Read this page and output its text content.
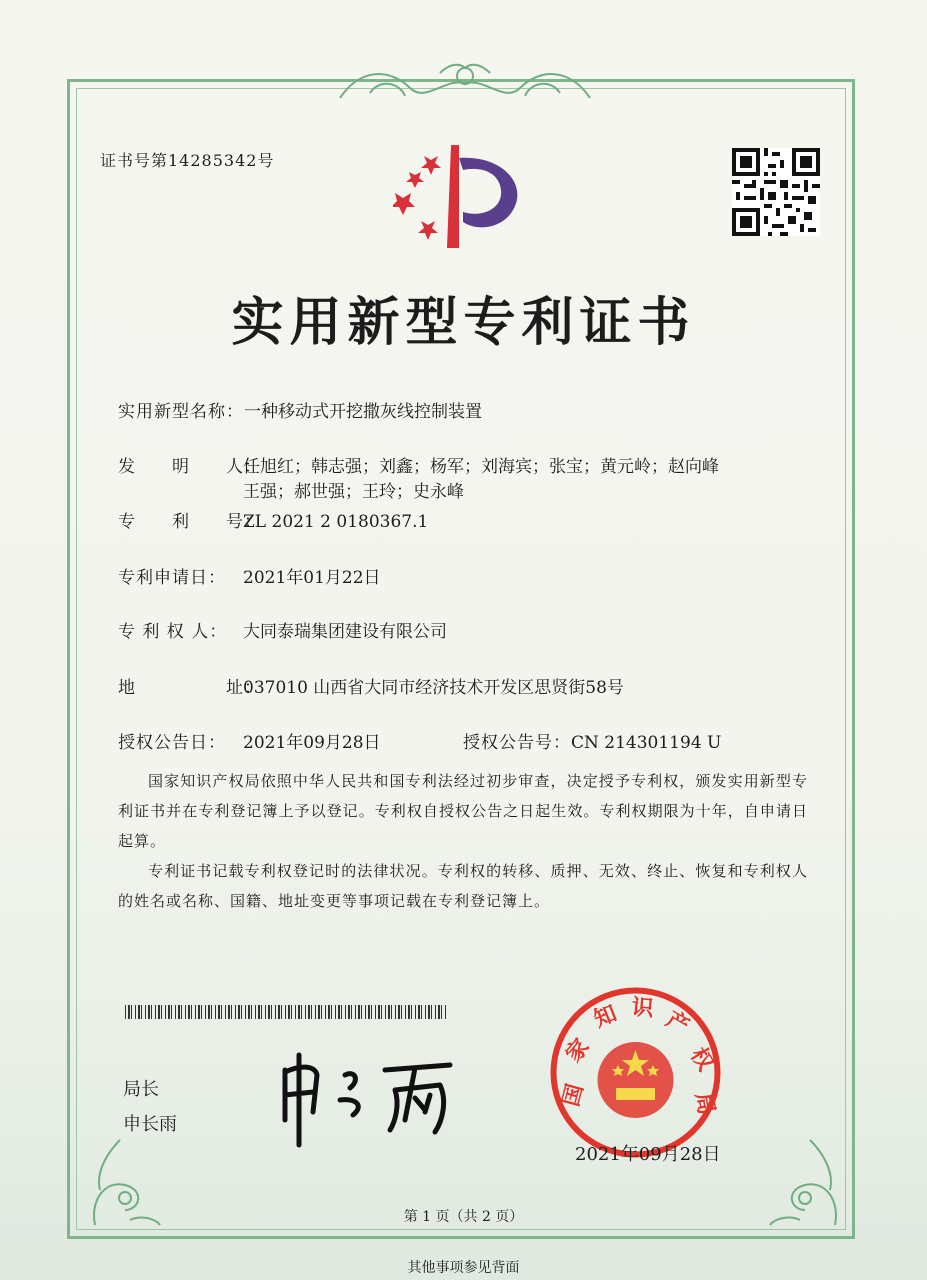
证书号第14285342号
实用新型专利证书
实用新型名称：一种移动式开挖撒灰线控制装置
发　　明　　人：任旭红；韩志强；刘鑫；杨军；刘海宾；张宝；黄元岭；赵向峰
王强；郝世强；王玲；史永峰
专　　利　　号：ZL 2021 2 0180367.1
专利申请日： 2021年01月22日
专 利 权 人： 大同泰瑞集团建设有限公司
地　　　　　址：037010 山西省大同市经济技术开发区思贤街58号
授权公告日： 2021年09月28日	授权公告号：CN 214301194 U

国家知识产权局依照中华人民共和国专利法经过初步审查，决定授予专利权，颁发实用新型专利证书并在专利登记簿上予以登记。专利权自授权公告之日起生效。专利权期限为十年，自申请日起算。

专利证书记载专利权登记时的法律状况。专利权的转移、质押、无效、终止、恢复和专利权人的姓名或名称、国籍、地址变更等事项记载在专利登记簿上。

局长
申长雨
国
家
知 识 产
权
局
2021年09月28日
第 1 页（共 2 页）
其他事项参见背面
